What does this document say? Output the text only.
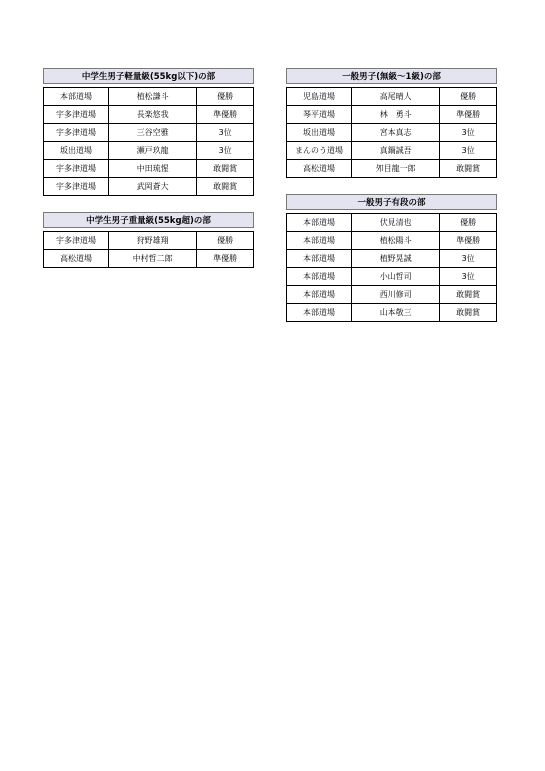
中学生男子軽量級(55kg以下)の部
本部道場	植松謙斗	優勝
宇多津道場	長楽悠我	準優勝
宇多津道場	三谷空雅	3位
坂出道場	瀬戸玖龍	3位
宇多津道場	中田琉惺	敢闘賞
宇多津道場	武岡蒼大	敢闘賞
中学生男子重量級(55kg超)の部
宇多津道場	狩野雄翔	優勝
高松道場	中村哲二郎	準優勝
一般男子(無級～1級)の部
児島道場	高尾晴人	優勝
琴平道場	林　勇斗	準優勝
坂出道場	宮本真志	3位
まんのう道場	真鍋誠吾	3位
高松道場	夘目龍一郎	敢闘賞
一般男子有段の部
本部道場	伏見清也	優勝
本部道場	植松陽斗	準優勝
本部道場	植野晃誠	3位
本部道場	小山哲司	3位
本部道場	西川修司	敢闘賞
本部道場	山本敬三	敢闘賞
